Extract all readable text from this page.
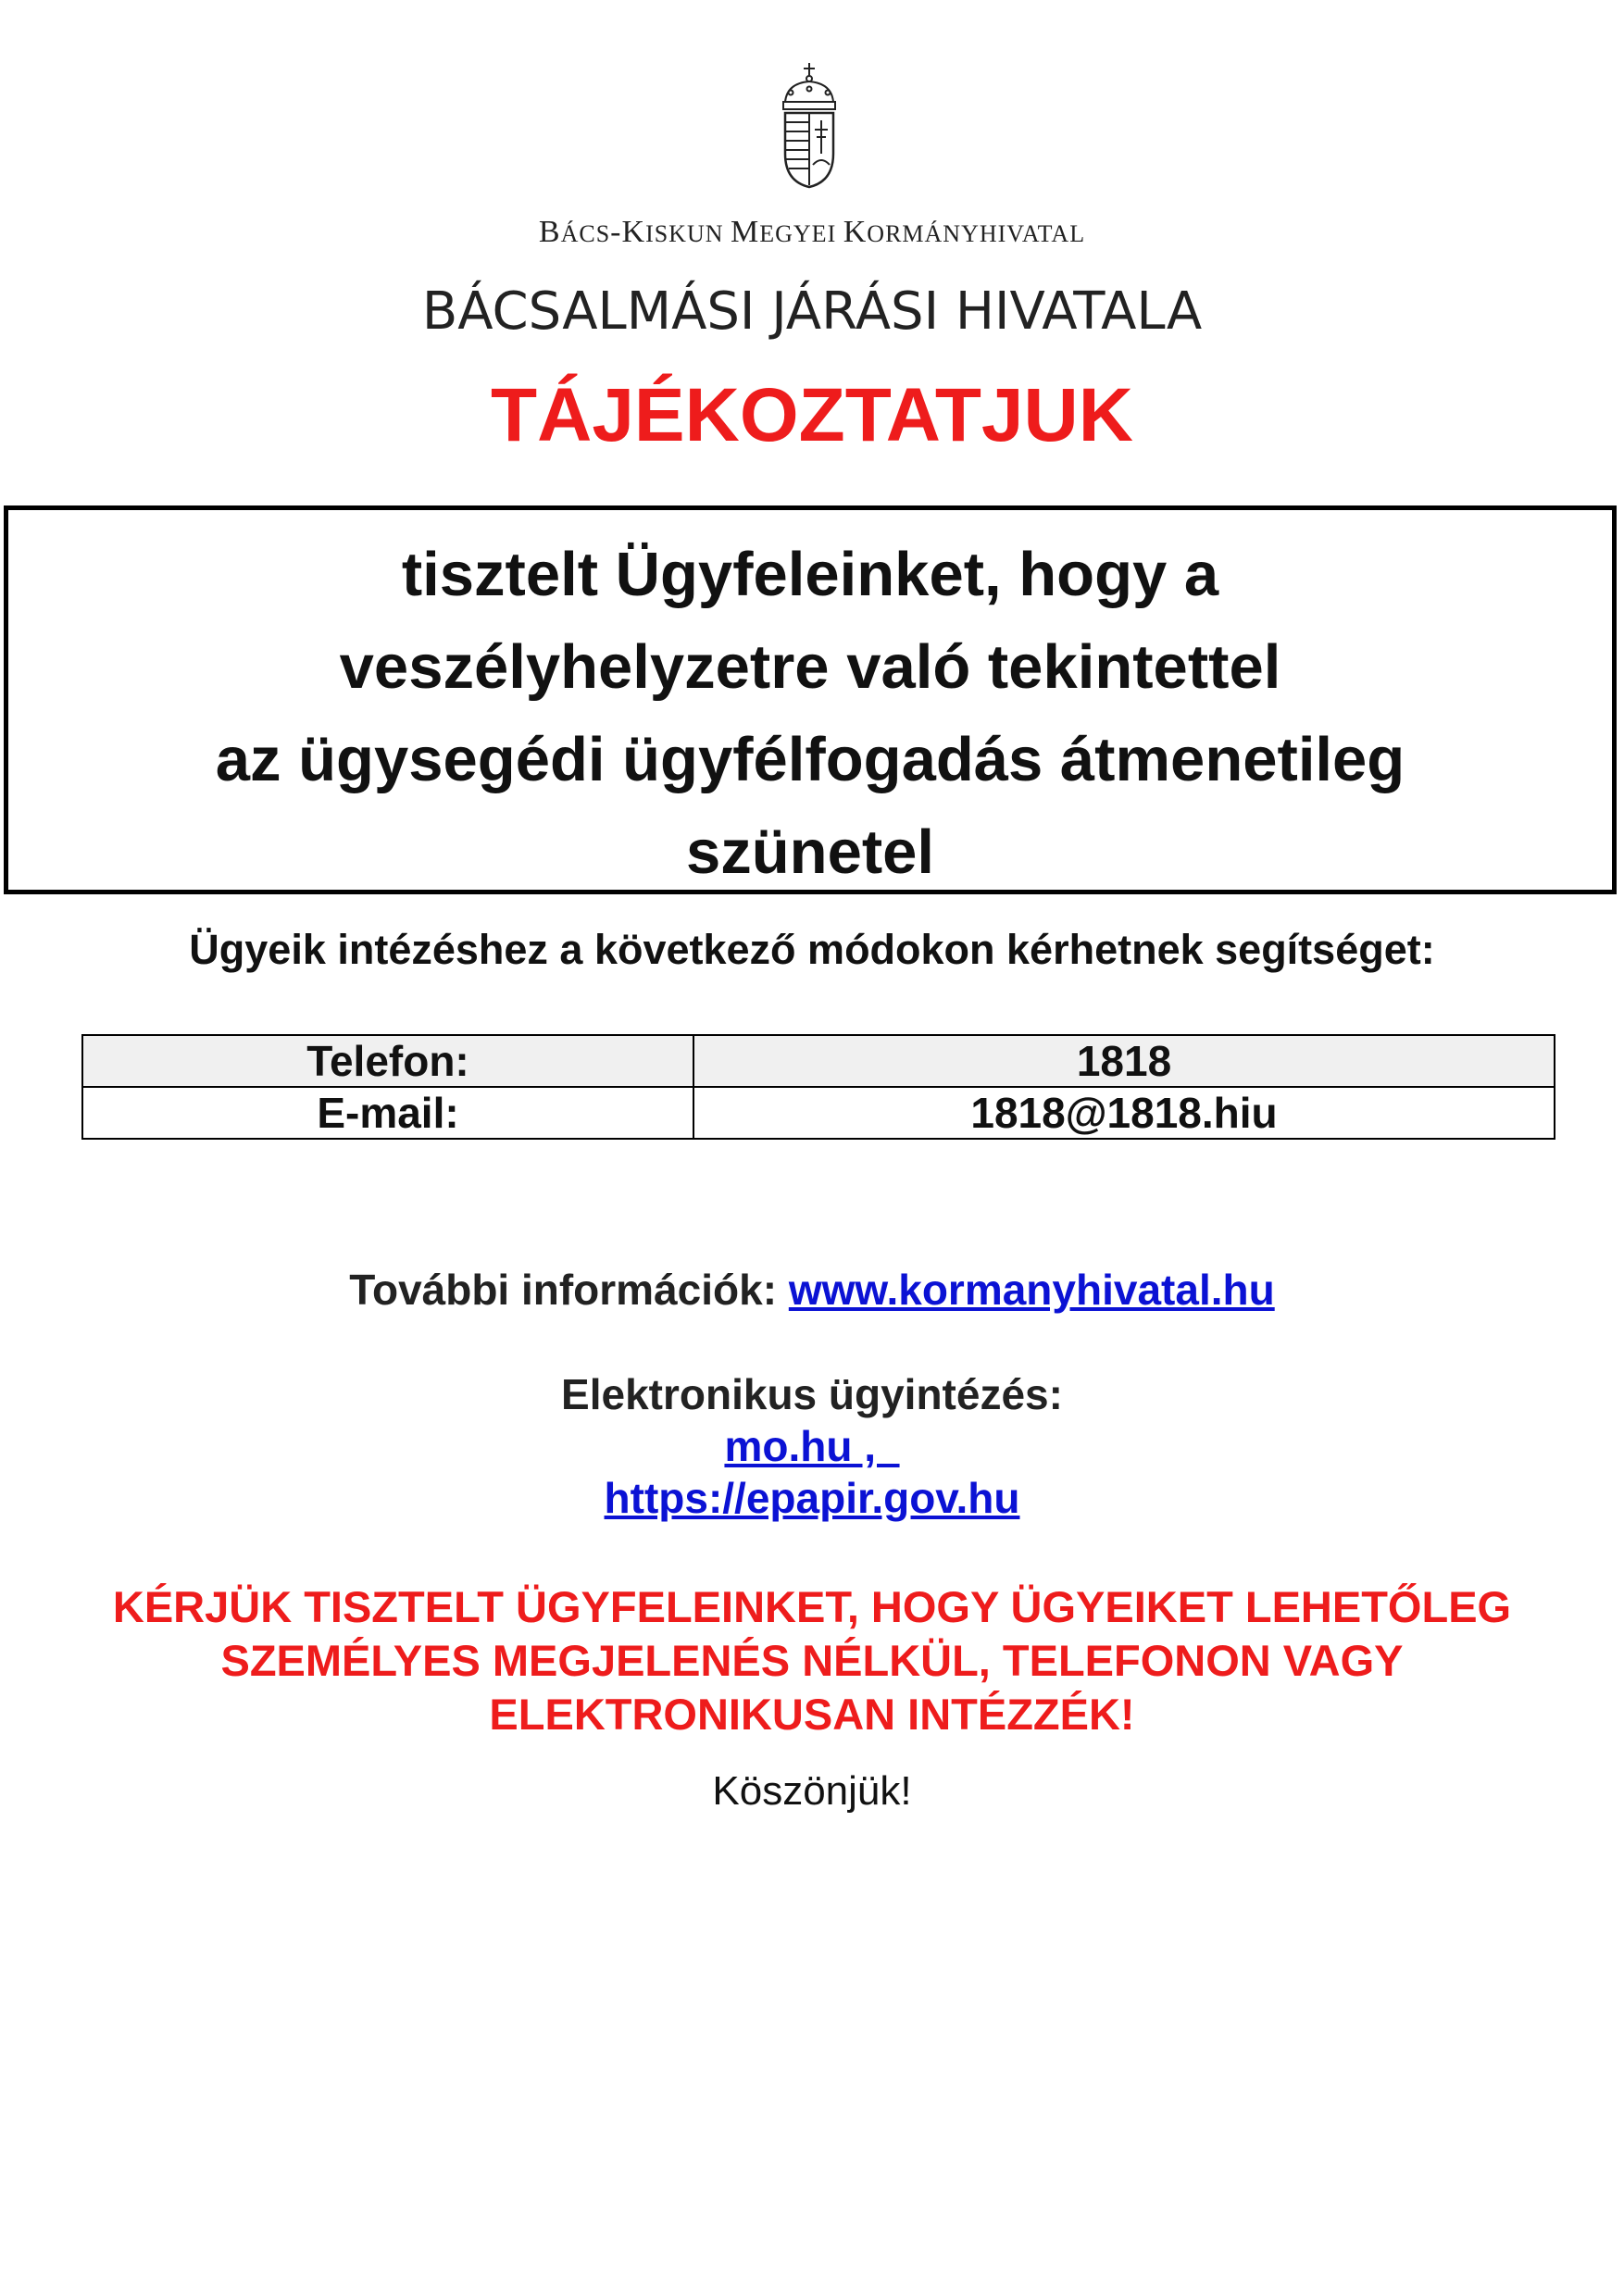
BÁCS-KISKUN MEGYEI KORMÁNYHIVATAL
BÁCSALMÁSI JÁRÁSI HIVATALA
TÁJÉKOZTATJUK
tisztelt Ügyfeleinket, hogy a
veszélyhelyzetre való tekintettel
az ügysegédi ügyfélfogadás átmenetileg
szünetel
Ügyeik intézéshez a következő módokon kérhetnek segítséget:
Telefon:	1818
E-mail:	1818@1818.hiu
További információk: www.kormanyhivatal.hu
Elektronikus ügyintézés:
mo.hu ,
https://epapir.gov.hu
KÉRJÜK TISZTELT ÜGYFELEINKET, HOGY ÜGYEIKET LEHETŐLEG
SZEMÉLYES MEGJELENÉS NÉLKÜL, TELEFONON VAGY
ELEKTRONIKUSAN INTÉZZÉK!
Köszönjük!
